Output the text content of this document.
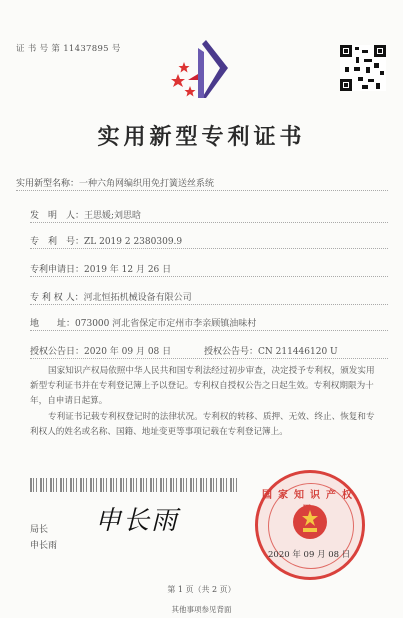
证 书 号 第 11437895 号
实用新型专利证书
实用新型名称：一种六角网编织用免打簧送丝系统
发　明　人：王思媛;刘思晗
专　利　号：ZL 2019 2 2380309.9
专利申请日：2019 年 12 月 26 日
专 利 权 人：河北恒拓机械设备有限公司
地　　址：073000 河北省保定市定州市李亲顾镇油味村
授权公告日：2020 年 09 月 08 日	授权公告号：CN 211446120 U
国家知识产权局依照中华人民共和国专利法经过初步审查，决定授予专利权，颁发实用新型专利证书并在专利登记簿上予以登记。专利权自授权公告之日起生效。专利权期限为十年，自申请日起算。
专利证书记载专利权登记时的法律状况。专利权的转移、质押、无效、终止、恢复和专利权人的姓名或名称、国籍、地址变更等事项记载在专利登记簿上。
局长
申长雨
申长雨
国家知识产权
2020 年 09 月 08 日
第 1 页（共 2 页）
其他事项参见背面
